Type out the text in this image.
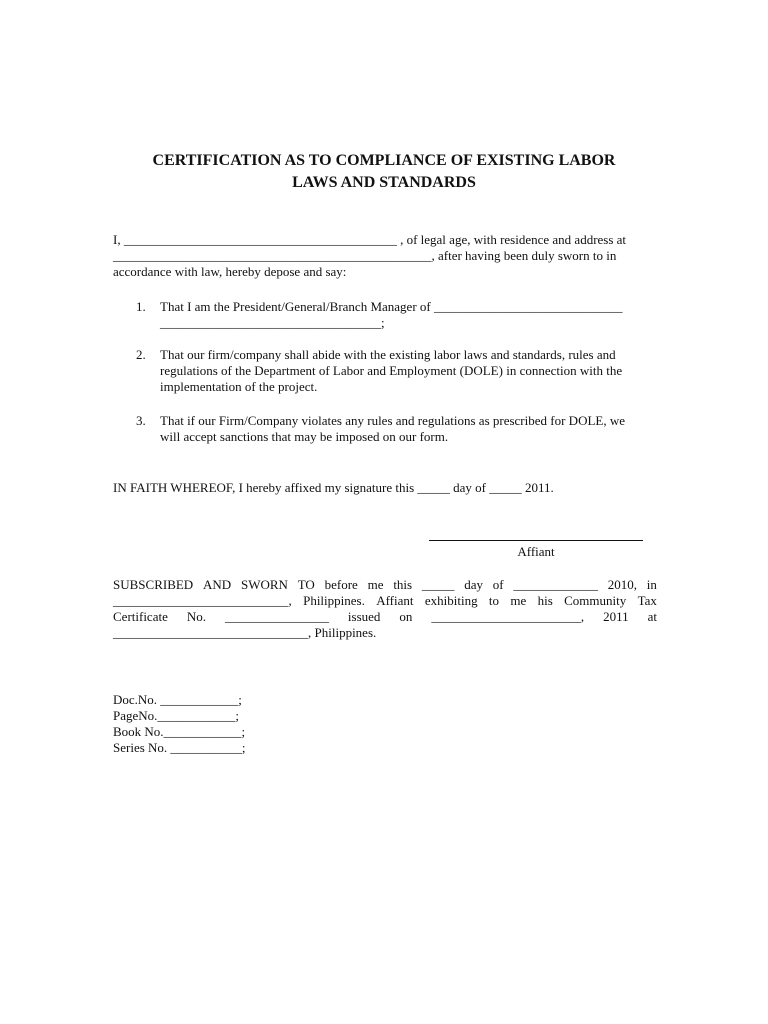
CERTIFICATION AS TO COMPLIANCE OF EXISTING LABOR
LAWS AND STANDARDS

I, __________________________________________ , of legal age, with residence and address at
_________________________________________________, after having been duly sworn to in
accordance with law, hereby depose and say:

1. That I am the President/General/Branch Manager of _____________________________
__________________________________;
2. That our firm/company shall abide with the existing labor laws and standards, rules and
regulations of the Department of Labor and Employment (DOLE) in connection with the
implementation of the project.
3. That if our Firm/Company violates any rules and regulations as prescribed for DOLE, we
will accept sanctions that may be imposed on our form.

IN FAITH WHEREOF, I hereby affixed my signature this _____ day of _____ 2011.

Affiant
SUBSCRIBED AND SWORN TO before me this _____ day of _____________ 2010, in
___________________________, Philippines. Affiant exhibiting to me his Community Tax
Certificate No. ________________ issued on _______________________, 2011 at
______________________________, Philippines.
Doc.No. ____________;
PageNo.____________;
Book No.____________;
Series No. ___________;
